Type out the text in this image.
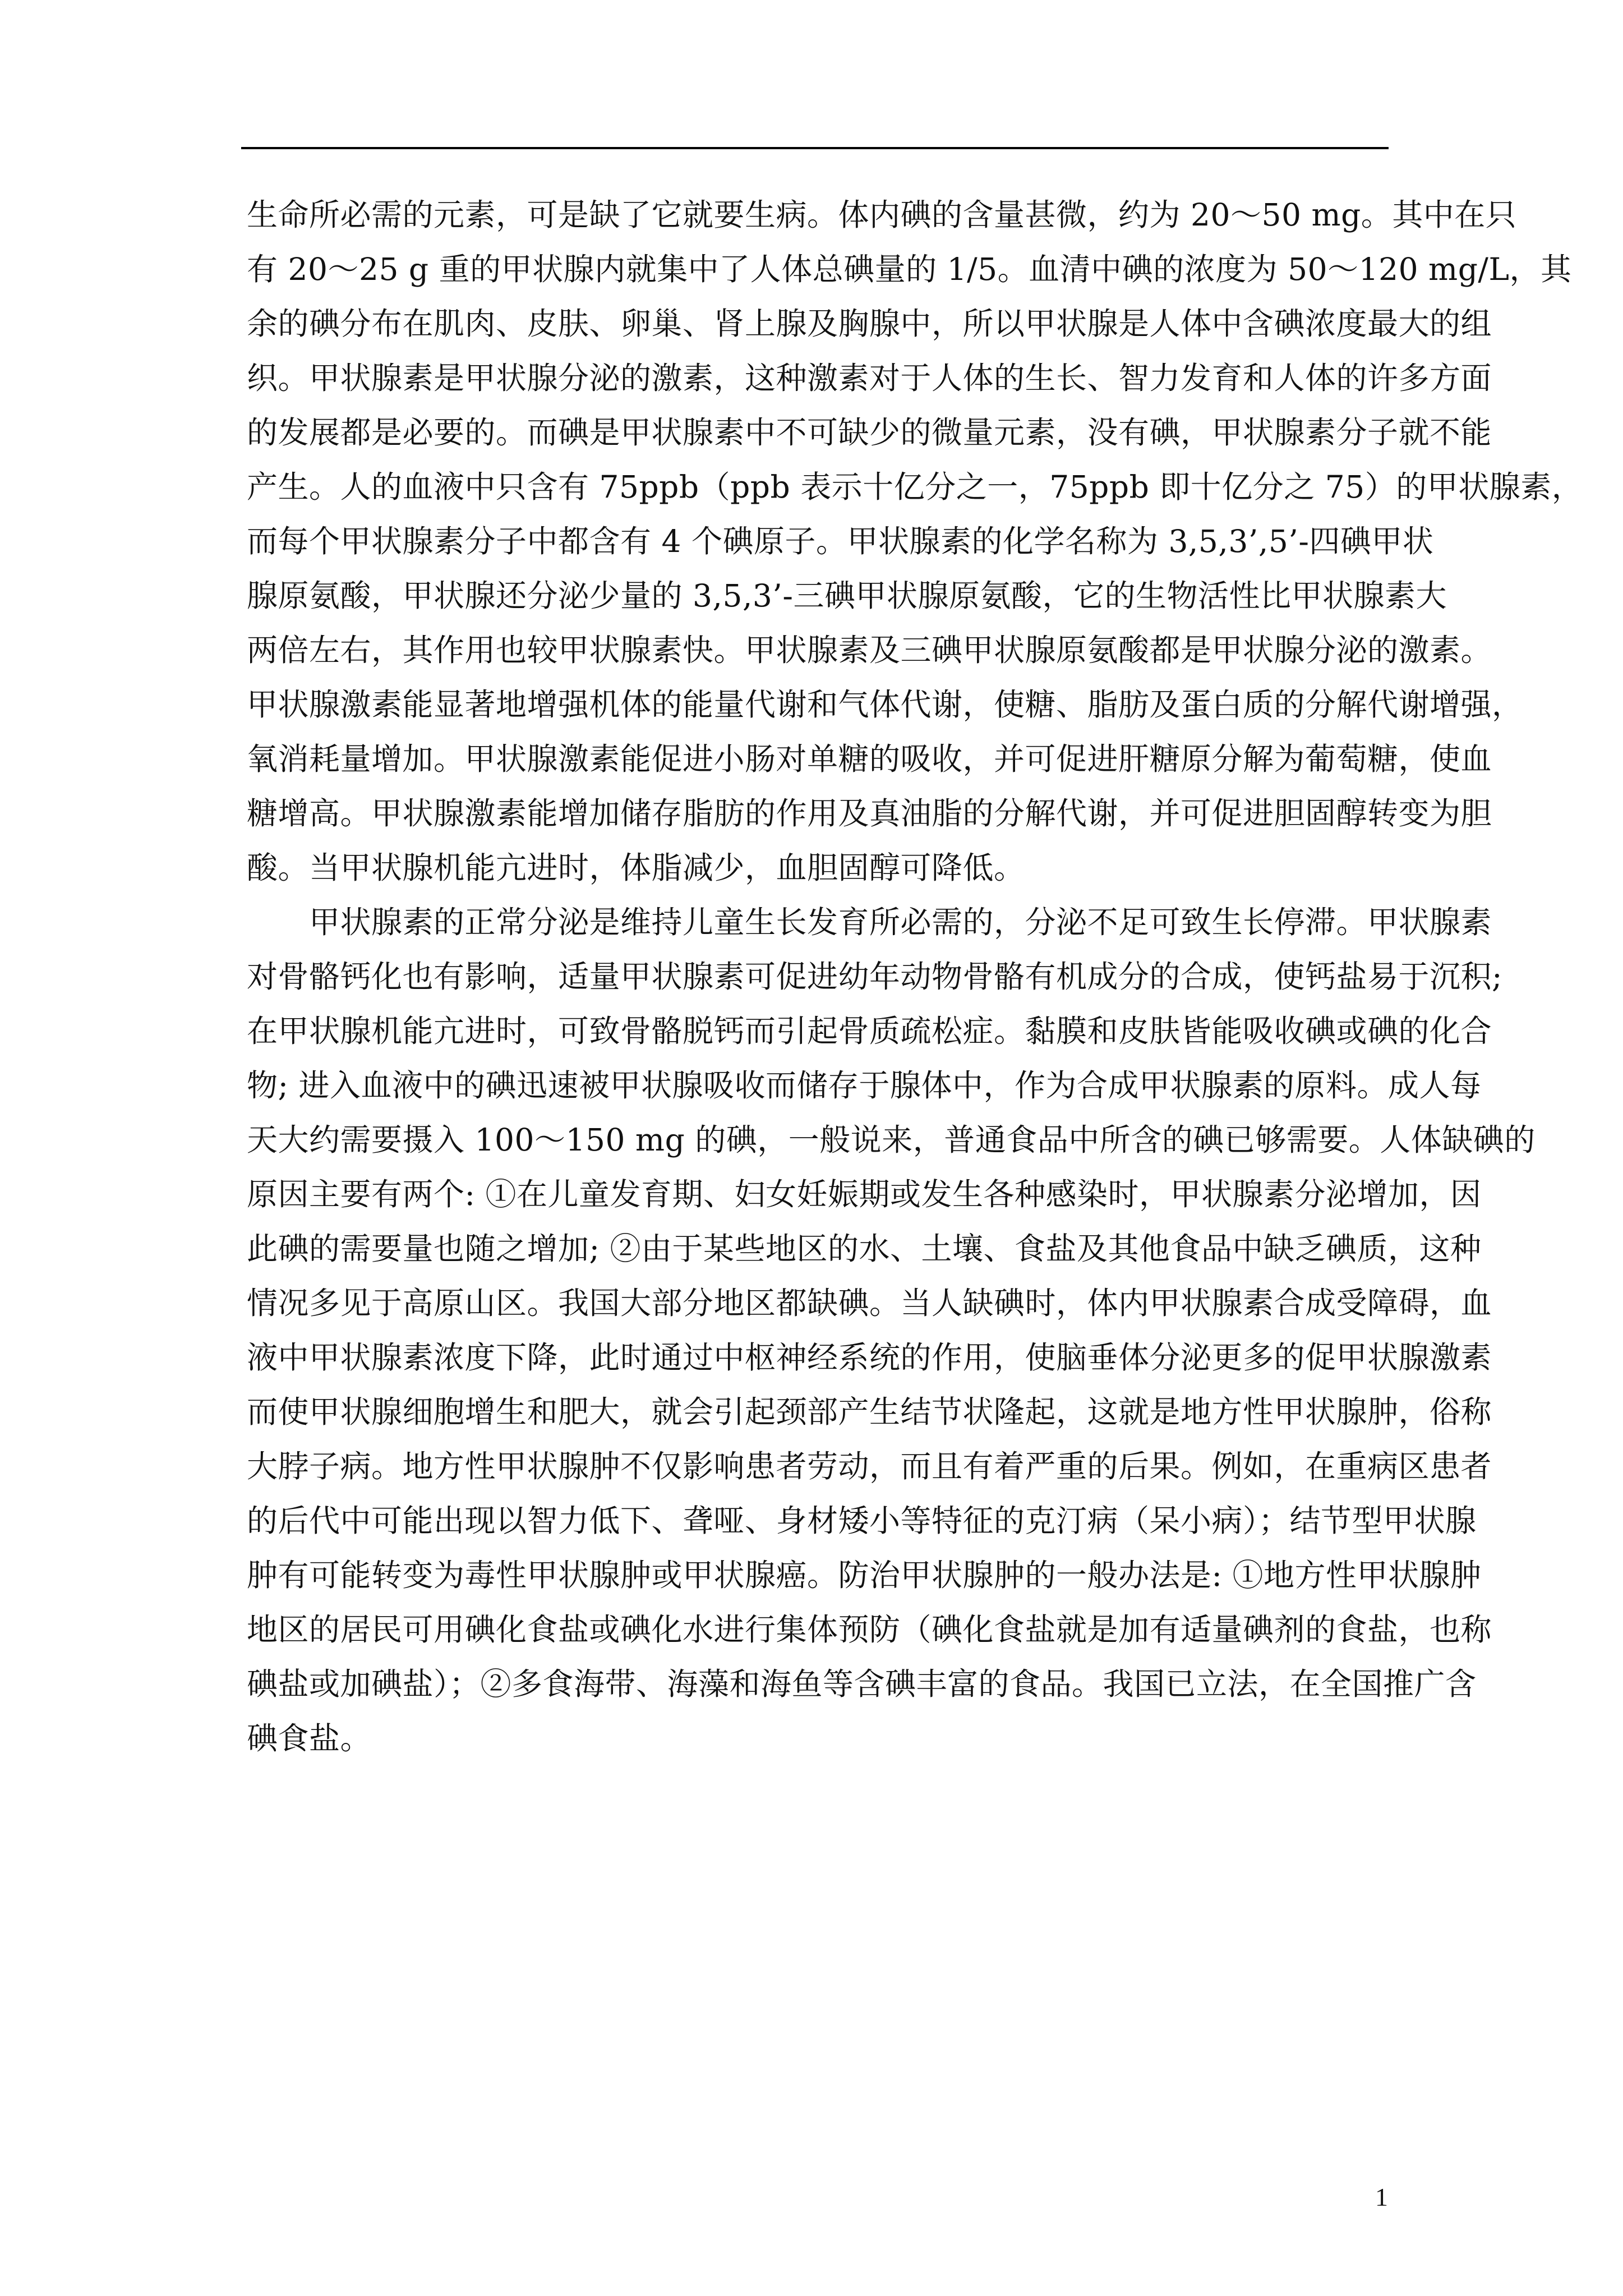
生命所必需的元素，可是缺了它就要生病。体内碘的含量甚微，约为 20～50 mg。其中在只
有 20～25 g 重的甲状腺内就集中了人体总碘量的 1/5。血清中碘的浓度为 50～120 mg/L，其
余的碘分布在肌肉、皮肤、卵巢、肾上腺及胸腺中，所以甲状腺是人体中含碘浓度最大的组
织。甲状腺素是甲状腺分泌的激素，这种激素对于人体的生长、智力发育和人体的许多方面
的发展都是必要的。而碘是甲状腺素中不可缺少的微量元素，没有碘，甲状腺素分子就不能
产生。人的血液中只含有 75ppb（ppb 表示十亿分之一，75ppb 即十亿分之 75）的甲状腺素，
而每个甲状腺素分子中都含有 4 个碘原子。甲状腺素的化学名称为 3,5,3’,5’-四碘甲状
腺原氨酸，甲状腺还分泌少量的 3,5,3’-三碘甲状腺原氨酸，它的生物活性比甲状腺素大
两倍左右，其作用也较甲状腺素快。甲状腺素及三碘甲状腺原氨酸都是甲状腺分泌的激素。
甲状腺激素能显著地增强机体的能量代谢和气体代谢，使糖、脂肪及蛋白质的分解代谢增强，
氧消耗量增加。甲状腺激素能促进小肠对单糖的吸收，并可促进肝糖原分解为葡萄糖，使血
糖增高。甲状腺激素能增加储存脂肪的作用及真油脂的分解代谢，并可促进胆固醇转变为胆
酸。当甲状腺机能亢进时，体脂减少，血胆固醇可降低。
　　甲状腺素的正常分泌是维持儿童生长发育所必需的，分泌不足可致生长停滞。甲状腺素
对骨骼钙化也有影响，适量甲状腺素可促进幼年动物骨骼有机成分的合成，使钙盐易于沉积;
在甲状腺机能亢进时，可致骨骼脱钙而引起骨质疏松症。黏膜和皮肤皆能吸收碘或碘的化合
物; 进入血液中的碘迅速被甲状腺吸收而储存于腺体中，作为合成甲状腺素的原料。成人每
天大约需要摄入 100～150 mg 的碘，一般说来，普通食品中所含的碘已够需要。人体缺碘的
原因主要有两个: ①在儿童发育期、妇女妊娠期或发生各种感染时，甲状腺素分泌增加，因
此碘的需要量也随之增加; ②由于某些地区的水、土壤、食盐及其他食品中缺乏碘质，这种
情况多见于高原山区。我国大部分地区都缺碘。当人缺碘时，体内甲状腺素合成受障碍，血
液中甲状腺素浓度下降，此时通过中枢神经系统的作用，使脑垂体分泌更多的促甲状腺激素
而使甲状腺细胞增生和肥大，就会引起颈部产生结节状隆起，这就是地方性甲状腺肿，俗称
大脖子病。地方性甲状腺肿不仅影响患者劳动，而且有着严重的后果。例如，在重病区患者
的后代中可能出现以智力低下、聋哑、身材矮小等特征的克汀病（呆小病）；结节型甲状腺
肿有可能转变为毒性甲状腺肿或甲状腺癌。防治甲状腺肿的一般办法是: ①地方性甲状腺肿
地区的居民可用碘化食盐或碘化水进行集体预防（碘化食盐就是加有适量碘剂的食盐，也称
碘盐或加碘盐）；②多食海带、海藻和海鱼等含碘丰富的食品。我国已立法，在全国推广含
碘食盐。
1
